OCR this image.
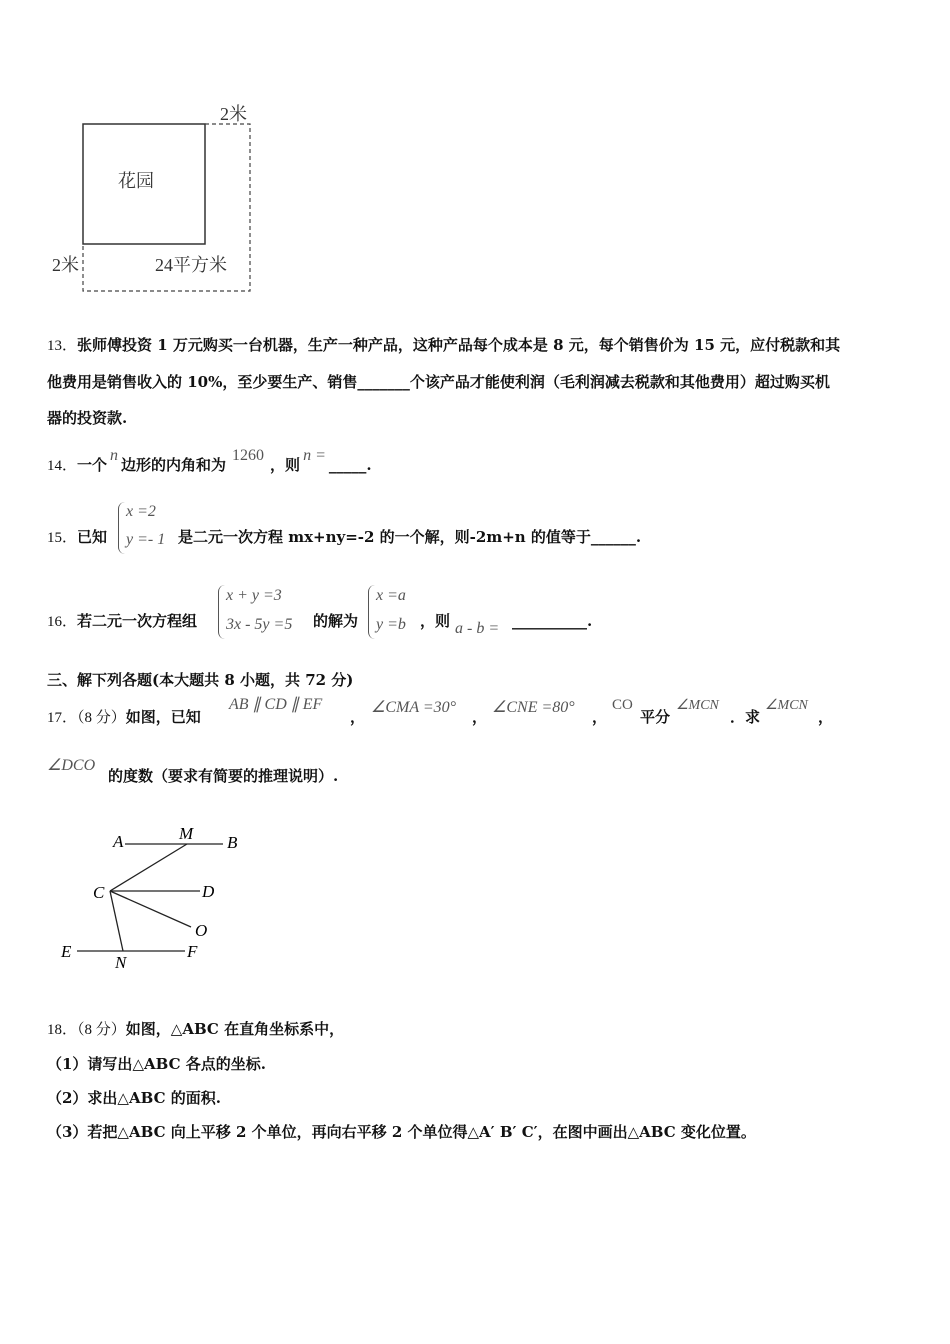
花园
2米
2米	24平方米
13．张师傅投资 1 万元购买一台机器，生产一种产品，这种产品每个成本是 8 元，每个销售价为 15 元，应付税款和其
他费用是销售收入的 10%，至少要生产、销售_______个该产品才能使利润（毛利润减去税款和其他费用）超过购买机
器的投资款.
14．一个n边形的内角和为1260，则n =_____.
15．已知
x =2
y =- 1 是二元一次方程 mx+ny=-2 的一个解，则-2m+n 的值等于______.
16．若二元一次方程组
x + y =3
3x - 5y =5 的解为
x =a
y =b ，则 a - b = __________.
三、解下列各题(本大题共 8 小题，共 72 分)
17．（8 分）如图，已知
AB ∥ CD ∥ EF
，
∠CMA =30°
，
∠CNE =80°
，
CO
平分
∠MCN
．求
∠MCN
，
∠DCO
的度数（要求有简要的推理说明）.
A	M B
C	D
O
E
N
F
18．（8 分）如图，△ABC 在直角坐标系中，
（1）请写出△ABC 各点的坐标.
（2）求出△ABC 的面积.
（3）若把△ABC 向上平移 2 个单位，再向右平移 2 个单位得△A′ B′ C′，在图中画出△ABC 变化位置。
